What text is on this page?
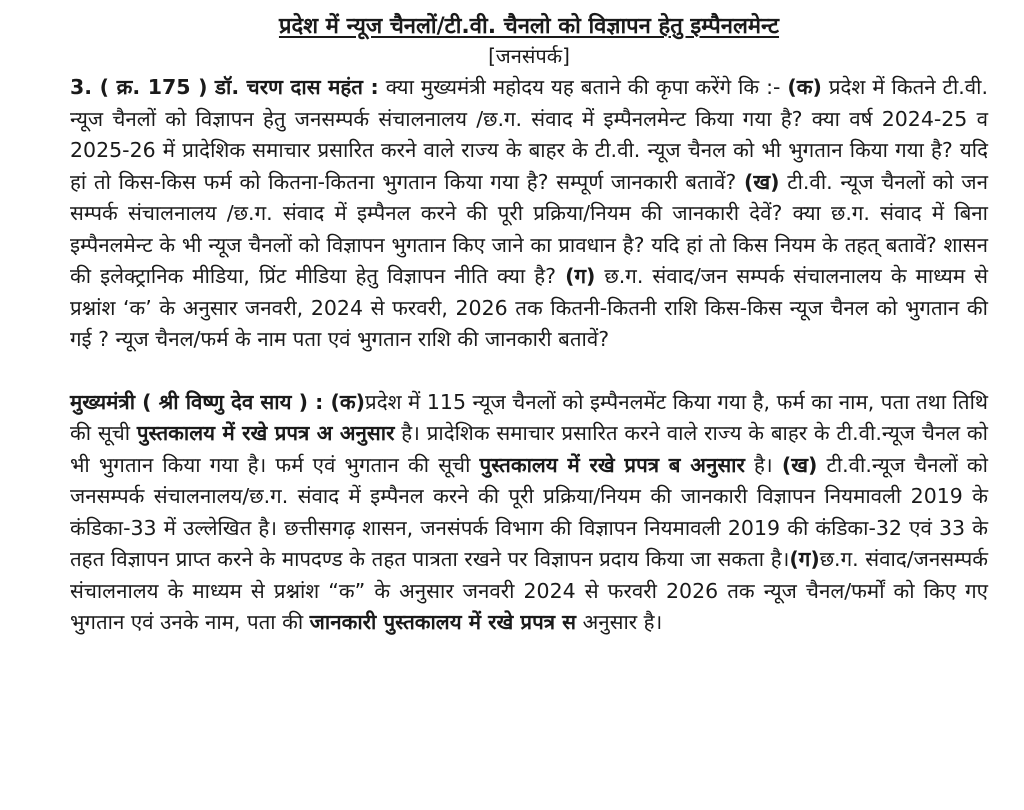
प्रदेश में न्यूज चैनलों/टी.वी. चैनलो को विज्ञापन हेतु इम्पैनलमेन्ट

[जनसंपर्क]

3. ( क्र. 175 ) डॉ. चरण दास महंत : क्या मुख्यमंत्री महोदय यह बताने की कृपा करेंगे कि :- (क) प्रदेश में कितने टी.वी. न्यूज चैनलों को विज्ञापन हेतु जनसम्पर्क संचालनालय /छ.ग. संवाद में इम्पैनलमेन्ट किया गया है? क्या वर्ष 2024-25 व 2025-26 में प्रादेशिक समाचार प्रसारित करने वाले राज्य के बाहर के टी.वी. न्यूज चैनल को भी भुगतान किया गया है? यदि हां तो किस-किस फर्म को कितना-कितना भुगतान किया गया है? सम्पूर्ण जानकारी बतावें? (ख) टी.वी. न्यूज चैनलों को जन सम्पर्क संचालनालय /छ.ग. संवाद में इम्पैनल करने की पूरी प्रक्रिया/नियम की जानकारी देवें? क्या छ.ग. संवाद में बिना इम्पैनलमेन्ट के भी न्यूज चैनलों को विज्ञापन भुगतान किए जाने का प्रावधान है? यदि हां तो किस नियम के तहत् बतावें? शासन की इलेक्ट्रानिक मीडिया, प्रिंट मीडिया हेतु विज्ञापन नीति क्या है? (ग) छ.ग. संवाद/जन सम्पर्क संचालनालय के माध्यम से प्रश्नांश ‘क’ के अनुसार जनवरी, 2024 से फरवरी, 2026 तक कितनी-कितनी राशि किस-किस न्यूज चैनल को भुगतान की गई ? न्यूज चैनल/फर्म के नाम पता एवं भुगतान राशि की जानकारी बतावें?

मुख्यमंत्री ( श्री विष्णु देव साय ) : (क)प्रदेश में 115 न्यूज चैनलों को इम्पैनलमेंट किया गया है, फर्म का नाम, पता तथा तिथि की सूची पुस्तकालय में रखे प्रपत्र अ अनुसार है। प्रादेशिक समाचार प्रसारित करने वाले राज्य के बाहर के टी.वी.न्यूज चैनल को भी भुगतान किया गया है। फर्म एवं भुगतान की सूची पुस्तकालय में रखे प्रपत्र ब अनुसार है। (ख) टी.वी.न्यूज चैनलों को जनसम्पर्क संचालनालय/छ.ग. संवाद में इम्पैनल करने की पूरी प्रक्रिया/नियम की जानकारी विज्ञापन नियमावली 2019 के कंडिका-33 में उल्लेखित है। छत्तीसगढ़ शासन, जनसंपर्क विभाग की विज्ञापन नियमावली 2019 की कंडिका-32 एवं 33 के तहत विज्ञापन प्राप्त करने के मापदण्ड के तहत पात्रता रखने पर विज्ञापन प्रदाय किया जा सकता है।(ग)छ.ग. संवाद/जनसम्पर्क संचालनालय के माध्यम से प्रश्नांश “क” के अनुसार जनवरी 2024 से फरवरी 2026 तक न्यूज चैनल/फर्मों को किए गए भुगतान एवं उनके नाम, पता की जानकारी पुस्तकालय में रखे प्रपत्र स अनुसार है।
